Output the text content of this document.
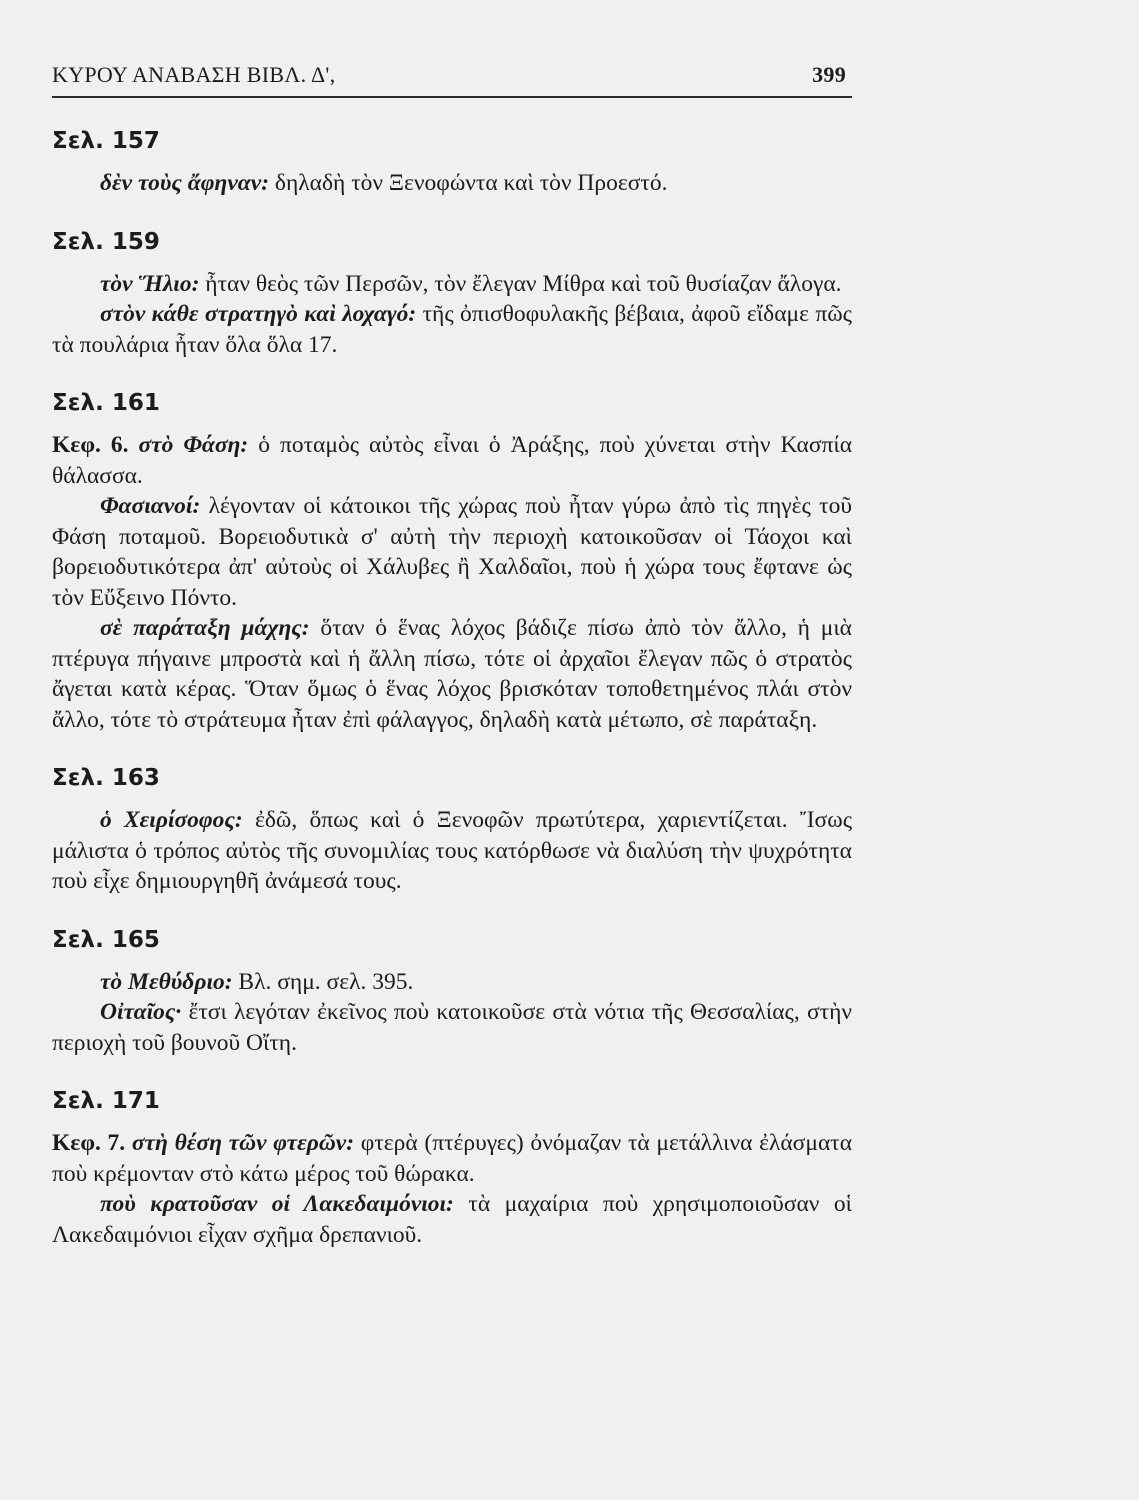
ΚΥΡΟΥ ΑΝΑΒΑΣΗ ΒΙΒΛ. Δ',	399
Σελ. 157

δὲν τοὺς ἄφηναν: δηλαδὴ τὸν Ξενοφώντα καὶ τὸν Προεστό.

Σελ. 159

τὸν Ἥλιο: ἦταν θεὸς τῶν Περσῶν, τὸν ἔλεγαν Μίθρα καὶ τοῦ θυσίαζαν ἄλογα.

στὸν κάθε στρατηγὸ καὶ λοχαγό: τῆς ὀπισθοφυλακῆς βέβαια, ἀφοῦ εἴδαμε πῶς τὰ πουλάρια ἦταν ὅλα ὅλα 17.

Σελ. 161

Κεφ. 6. στὸ Φάση: ὁ ποταμὸς αὐτὸς εἶναι ὁ Ἀράξης, ποὺ χύνεται στὴν Κασπία θάλασσα.

Φασιανοί: λέγονταν οἱ κάτοικοι τῆς χώρας ποὺ ἦταν γύρω ἀπὸ τὶς πηγὲς τοῦ Φάση ποταμοῦ. Βορειοδυτικὰ σ' αὐτὴ τὴν περιοχὴ κατοικοῦσαν οἱ Τάοχοι καὶ βορειοδυτικότερα ἀπ' αὐτοὺς οἱ Χάλυβες ἢ Χαλδαῖοι, ποὺ ἡ χώρα τους ἔφτανε ὡς τὸν Εὔξεινο Πόντο.

σὲ παράταξη μάχης: ὅταν ὁ ἕνας λόχος βάδιζε πίσω ἀπὸ τὸν ἄλλο, ἡ μιὰ πτέρυγα πήγαινε μπροστὰ καὶ ἡ ἄλλη πίσω, τότε οἱ ἀρχαῖοι ἔλεγαν πῶς ὁ στρατὸς ἄγεται κατὰ κέρας. Ὅταν ὅμως ὁ ἕνας λόχος βρισκόταν τοποθετημένος πλάι στὸν ἄλλο, τότε τὸ στράτευμα ἦταν ἐπὶ φάλαγγος, δηλαδὴ κατὰ μέτωπο, σὲ παράταξη.

Σελ. 163

ὁ Χειρίσοφος: ἐδῶ, ὅπως καὶ ὁ Ξενοφῶν πρωτύτερα, χαριεντίζεται. Ἴσως μάλιστα ὁ τρόπος αὐτὸς τῆς συνομιλίας τους κατόρθωσε νὰ διαλύση τὴν ψυχρότητα ποὺ εἶχε δημιουργηθῆ ἀνάμεσά τους.

Σελ. 165

τὸ Μεθύδριο: Βλ. σημ. σελ. 395.

Οἰταῖος· ἔτσι λεγόταν ἐκεῖνος ποὺ κατοικοῦσε στὰ νότια τῆς Θεσσαλίας, στὴν περιοχὴ τοῦ βουνοῦ Οἴτη.

Σελ. 171

Κεφ. 7. στὴ θέση τῶν φτερῶν: φτερὰ (πτέρυγες) ὀνόμαζαν τὰ μετάλλινα ἐλάσματα ποὺ κρέμονταν στὸ κάτω μέρος τοῦ θώρακα.

ποὺ κρατοῦσαν οἱ Λακεδαιμόνιοι: τὰ μαχαίρια ποὺ χρησιμοποιοῦσαν οἱ Λακεδαιμόνιοι εἶχαν σχῆμα δρεπανιοῦ.
